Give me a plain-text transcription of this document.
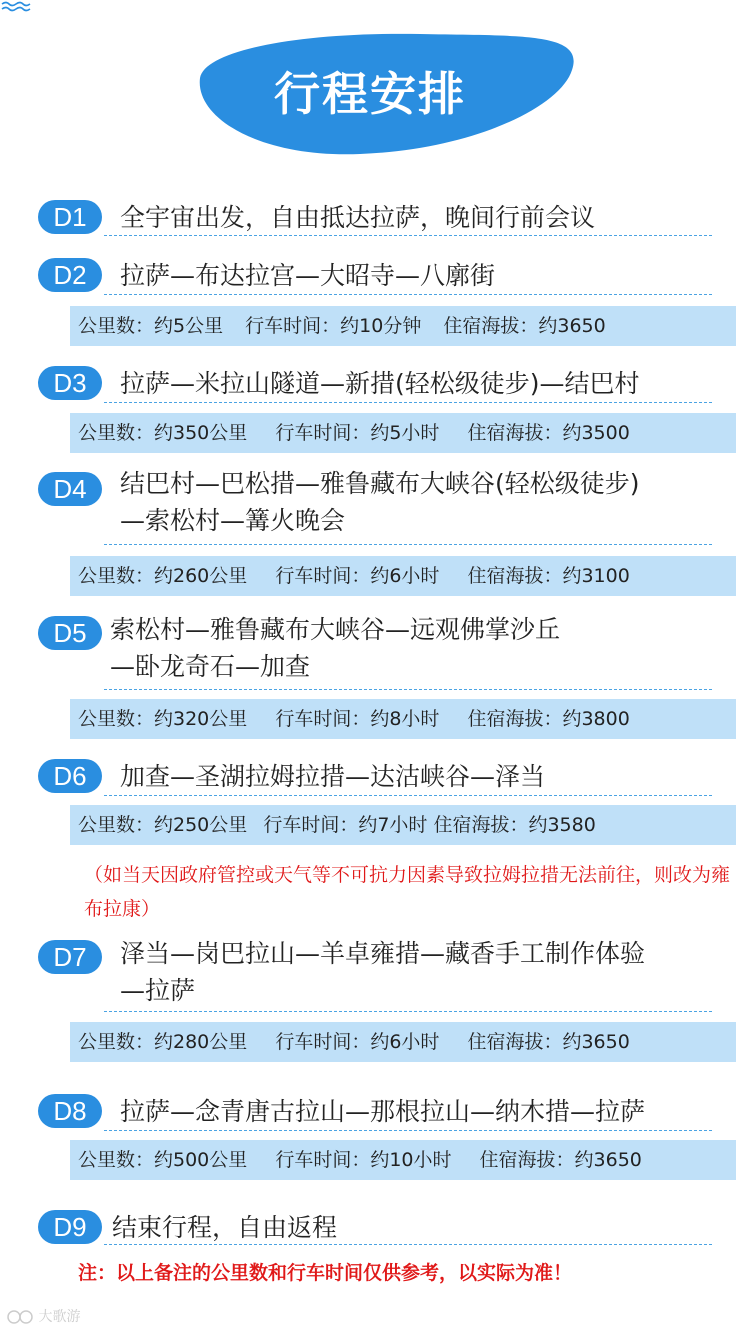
行程安排
D1	全宇宙出发，自由抵达拉萨，晚间行前会议
D2	拉萨—布达拉宫—大昭寺—八廓街
公里数：约5公里 行车时间：约10分钟 住宿海拔：约3650
D3	拉萨—米拉山隧道—新措(轻松级徒步)—结巴村
公里数：约350公里 行车时间：约5小时 住宿海拔：约3500
D4	结巴村—巴松措—雅鲁藏布大峡谷(轻松级徒步)
—索松村—篝火晚会
公里数：约260公里 行车时间：约6小时 住宿海拔：约3100
D5 索松村—雅鲁藏布大峡谷—远观佛掌沙丘
—卧龙奇石—加查
公里数：约320公里 行车时间：约8小时 住宿海拔：约3800
D6	加查—圣湖拉姆拉措—达沽峡谷—泽当
公里数：约250公里 行车时间：约7小时 住宿海拔：约3580
（如当天因政府管控或天气等不可抗力因素导致拉姆拉措无法前往，则改为雍布拉康）
D7	泽当—岗巴拉山—羊卓雍措—藏香手工制作体验
—拉萨
公里数：约280公里 行车时间：约6小时 住宿海拔：约3650
D8	拉萨—念青唐古拉山—那根拉山—纳木措—拉萨
公里数：约500公里 行车时间：约10小时 住宿海拔：约3650
D9	结束行程，自由返程
注：以上备注的公里数和行车时间仅供参考，以实际为准！
大歌游
